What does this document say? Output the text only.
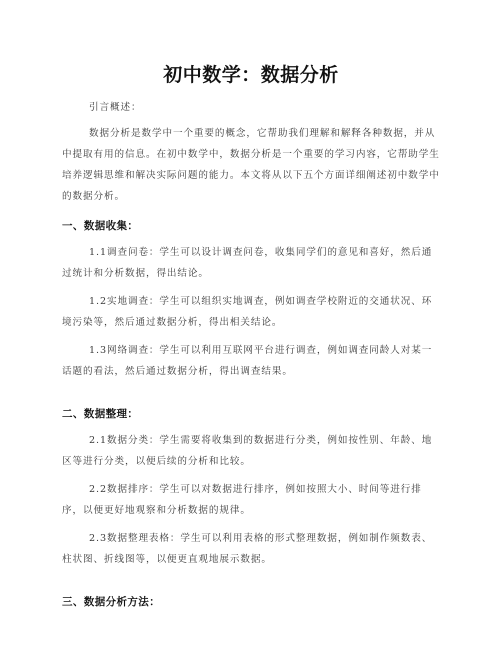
初中数学：数据分析

引言概述：

数据分析是数学中一个重要的概念，它帮助我们理解和解释各种数据，并从中提取有用的信息。在初中数学中，数据分析是一个重要的学习内容，它帮助学生培养逻辑思维和解决实际问题的能力。本文将从以下五个方面详细阐述初中数学中的数据分析。

一、数据收集：

1.1调查问卷：学生可以设计调查问卷，收集同学们的意见和喜好，然后通过统计和分析数据，得出结论。

1.2实地调查：学生可以组织实地调查，例如调查学校附近的交通状况、环境污染等，然后通过数据分析，得出相关结论。

1.3网络调查：学生可以利用互联网平台进行调查，例如调查同龄人对某一话题的看法，然后通过数据分析，得出调查结果。

二、数据整理：

2.1数据分类：学生需要将收集到的数据进行分类，例如按性别、年龄、地区等进行分类，以便后续的分析和比较。

2.2数据排序：学生可以对数据进行排序，例如按照大小、时间等进行排序，以便更好地观察和分析数据的规律。

2.3数据整理表格：学生可以利用表格的形式整理数据，例如制作频数表、柱状图、折线图等，以便更直观地展示数据。

三、数据分析方法：
